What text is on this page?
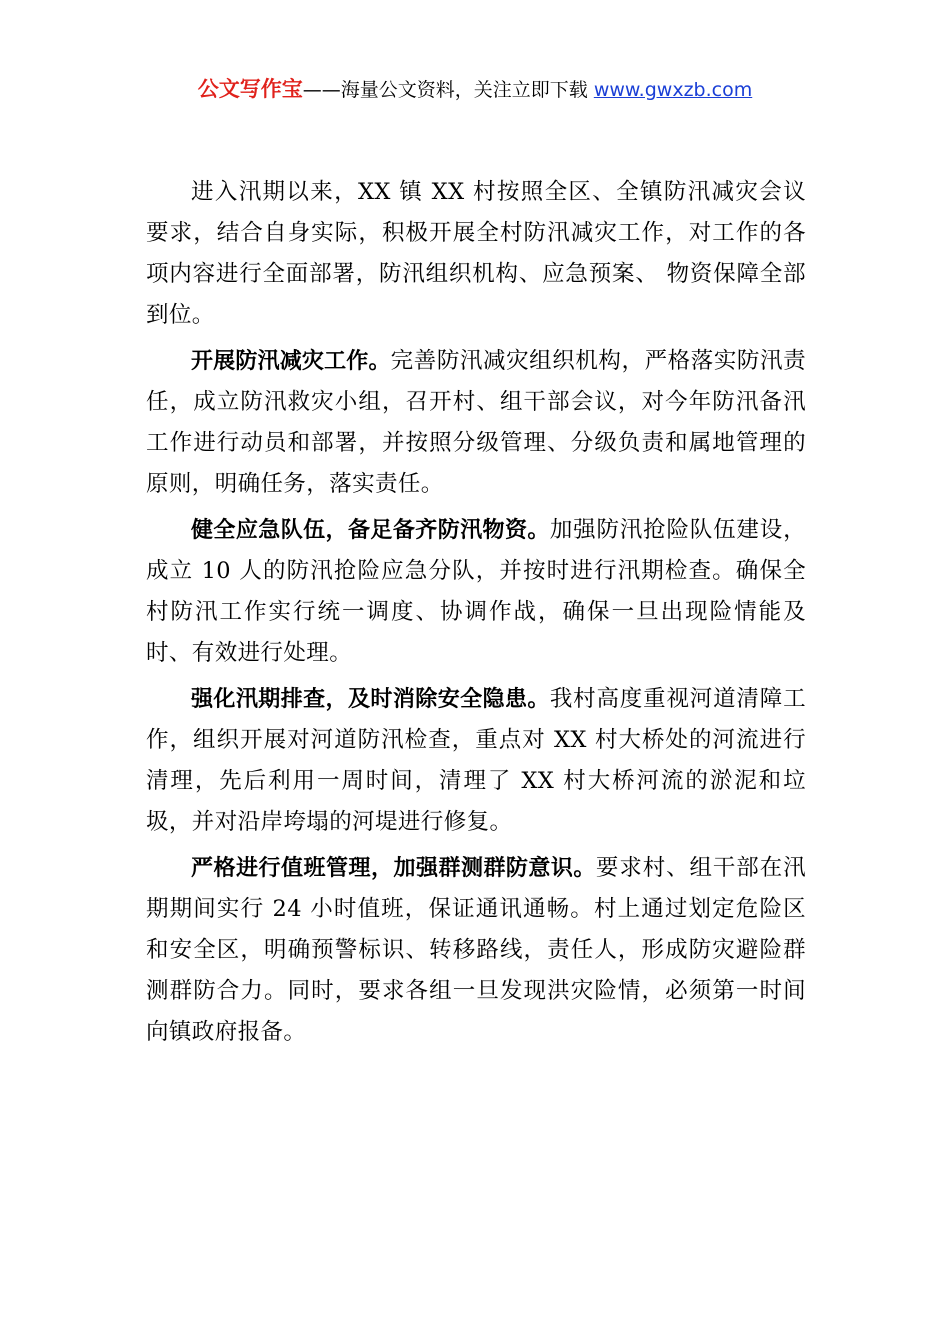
公文写作宝——海量公文资料，关注立即下载 www.gwxzb.com

进入汛期以来，XX 镇 XX 村按照全区、全镇防汛减灾会议要求，结合自身实际，积极开展全村防汛减灾工作，对工作的各项内容进行全面部署，防汛组织机构、应急预案、 物资保障全部到位。

开展防汛减灾工作。完善防汛减灾组织机构，严格落实防汛责任，成立防汛救灾小组，召开村、组干部会议，对今年防汛备汛工作进行动员和部署，并按照分级管理、分级负责和属地管理的原则，明确任务，落实责任。

健全应急队伍，备足备齐防汛物资。加强防汛抢险队伍建设，成立 10 人的防汛抢险应急分队，并按时进行汛期检查。确保全村防汛工作实行统一调度、协调作战，确保一旦出现险情能及时、有效进行处理。

强化汛期排查，及时消除安全隐患。我村高度重视河道清障工作，组织开展对河道防汛检查，重点对 XX 村大桥处的河流进行清理，先后利用一周时间，清理了 XX 村大桥河流的淤泥和垃圾，并对沿岸垮塌的河堤进行修复。

严格进行值班管理，加强群测群防意识。要求村、组干部在汛期期间实行 24 小时值班，保证通讯通畅。村上通过划定危险区和安全区，明确预警标识、转移路线，责任人，形成防灾避险群测群防合力。同时，要求各组一旦发现洪灾险情，必须第一时间向镇政府报备。
